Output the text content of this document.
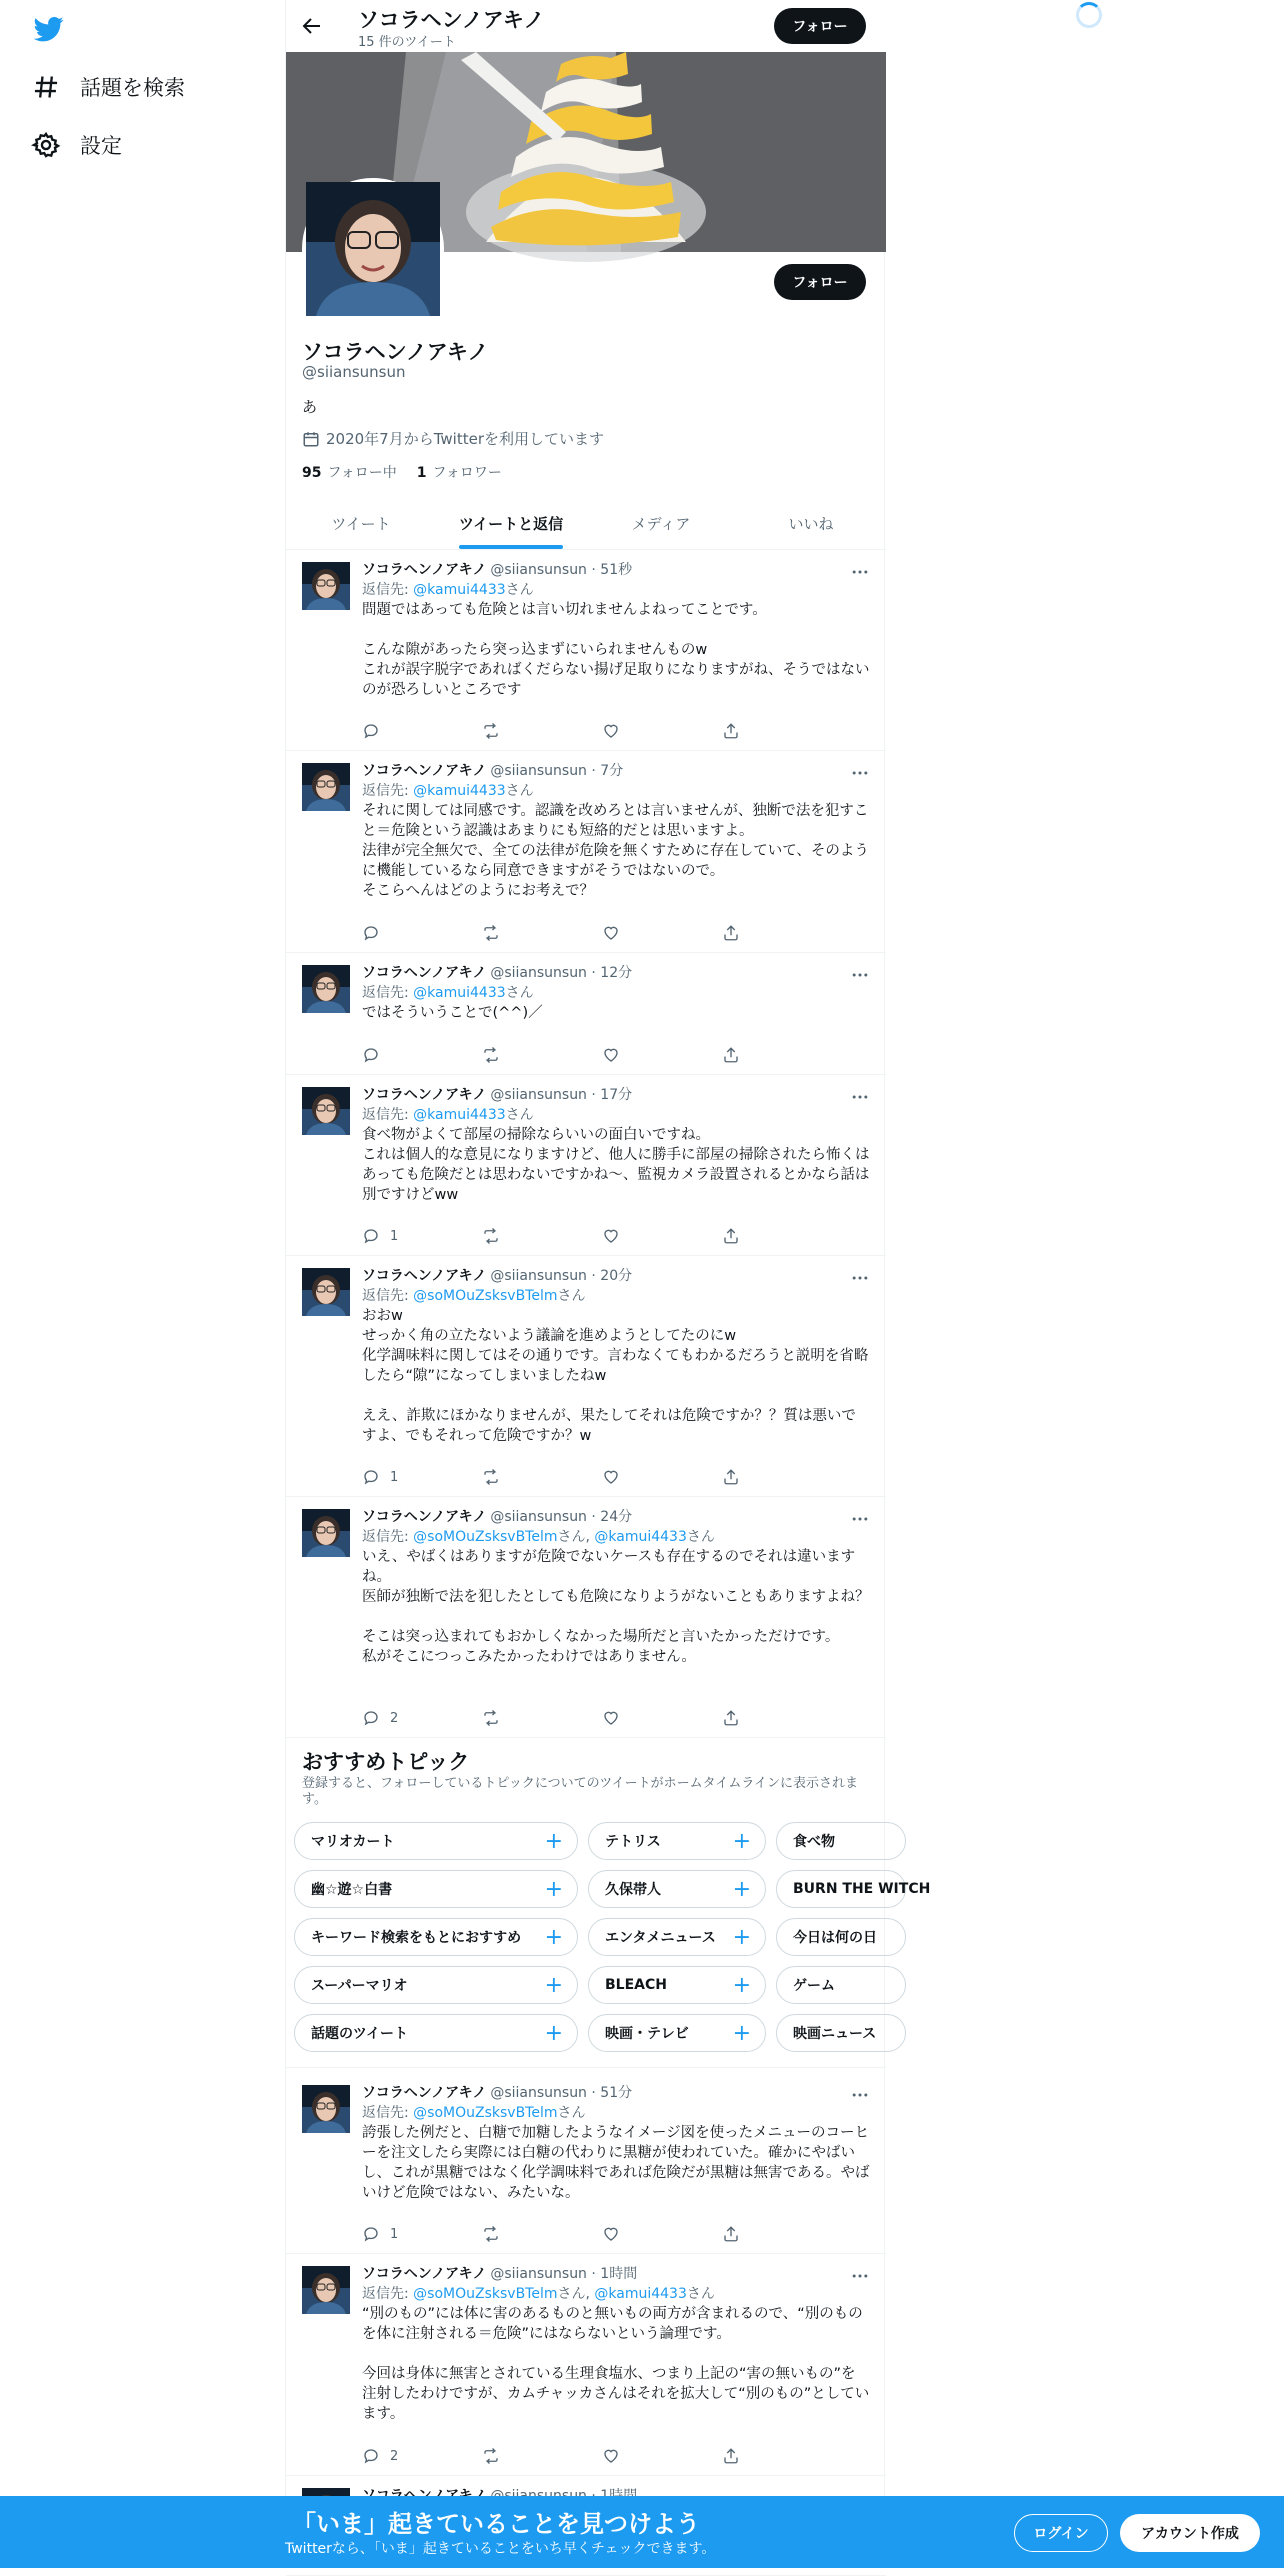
話題を検索
設定
ソコラヘンノアキノ
15 件のツイート
フォロー
フォロー
ソコラヘンノアキノ
@siiansunsun
あ
2020年7月からTwitterを利用しています
95 フォロー中 1 フォロワー
ツイート	ツイートと返信	メディア	いいね
ソコラヘンノアキノ @siiansunsun · 51秒
返信先: @kamui4433さん
問題ではあっても危険とは言い切れませんよねってことです。

こんな隙があったら突っ込まずにいられませんものw
これが誤字脱字であればくだらない揚げ足取りになりますがね、そうではないのが恐ろしいところです
ソコラヘンノアキノ @siiansunsun · 7分
返信先: @kamui4433さん
それに関しては同感です。認識を改めろとは言いませんが、独断で法を犯すこと＝危険という認識はあまりにも短絡的だとは思いますよ。
法律が完全無欠で、全ての法律が危険を無くすために存在していて、そのように機能しているなら同意できますがそうではないので。
そこらへんはどのようにお考えで？
ソコラヘンノアキノ @siiansunsun · 12分
返信先: @kamui4433さん
ではそういうことで(^^)／
ソコラヘンノアキノ @siiansunsun · 17分
返信先: @kamui4433さん
食べ物がよくて部屋の掃除ならいいの面白いですね。
これは個人的な意見になりますけど、他人に勝手に部屋の掃除されたら怖くはあっても危険だとは思わないですかね〜、監視カメラ設置されるとかなら話は別ですけどww
1
ソコラヘンノアキノ @siiansunsun · 20分
返信先: @soMOuZsksvBTelmさん
おおw
せっかく角の立たないよう議論を進めようとしてたのにw
化学調味料に関してはその通りです。言わなくてもわかるだろうと説明を省略したら“隙”になってしまいましたねw

ええ、詐欺にほかなりませんが、果たしてそれは危険ですか？？質は悪いですよ、でもそれって危険ですか？w
1
ソコラヘンノアキノ @siiansunsun · 24分
返信先: @soMOuZsksvBTelmさん, @kamui4433さん
いえ、やばくはありますが危険でないケースも存在するのでそれは違いますね。
医師が独断で法を犯したとしても危険になりようがないこともありますよね？

そこは突っ込まれてもおかしくなかった場所だと言いたかっただけです。
私がそこにつっこみたかったわけではありません。
2
ソコラヘンノアキノ @siiansunsun · 51分
返信先: @soMOuZsksvBTelmさん
誇張した例だと、白糖で加糖したようなイメージ図を使ったメニューのコーヒーを注文したら実際には白糖の代わりに黒糖が使われていた。確かにやばいし、これが黒糖ではなく化学調味料であれば危険だが黒糖は無害である。やばいけど危険ではない、みたいな。
1
ソコラヘンノアキノ @siiansunsun · 1時間
返信先: @soMOuZsksvBTelmさん, @kamui4433さん
“別のもの”には体に害のあるものと無いもの両方が含まれるので、“別のものを体に注射される＝危険”にはならないという論理です。

今回は身体に無害とされている生理食塩水、つまり上記の“害の無いもの”を注射したわけですが、カムチャッカさんはそれを拡大して“別のもの”としています。
2
おすすめトピック
登録すると、フォローしているトピックについてのツイートがホームタイムラインに表示されます。
マリオカート	+	テトリス	+	食べ物
幽☆遊☆白書	+	久保帯人	+	BURN THE WITCH
キーワード検索をもとにおすすめ +	エンタメニュース +	今日は何の日
スーパーマリオ	+	BLEACH	+	ゲーム
話題のツイート	+	映画・テレビ +	映画ニュース
「いま」起きていることを見つけよう
Twitterなら、「いま」起きていることをいち早くチェックできます。
ログイン	アカウント作成
